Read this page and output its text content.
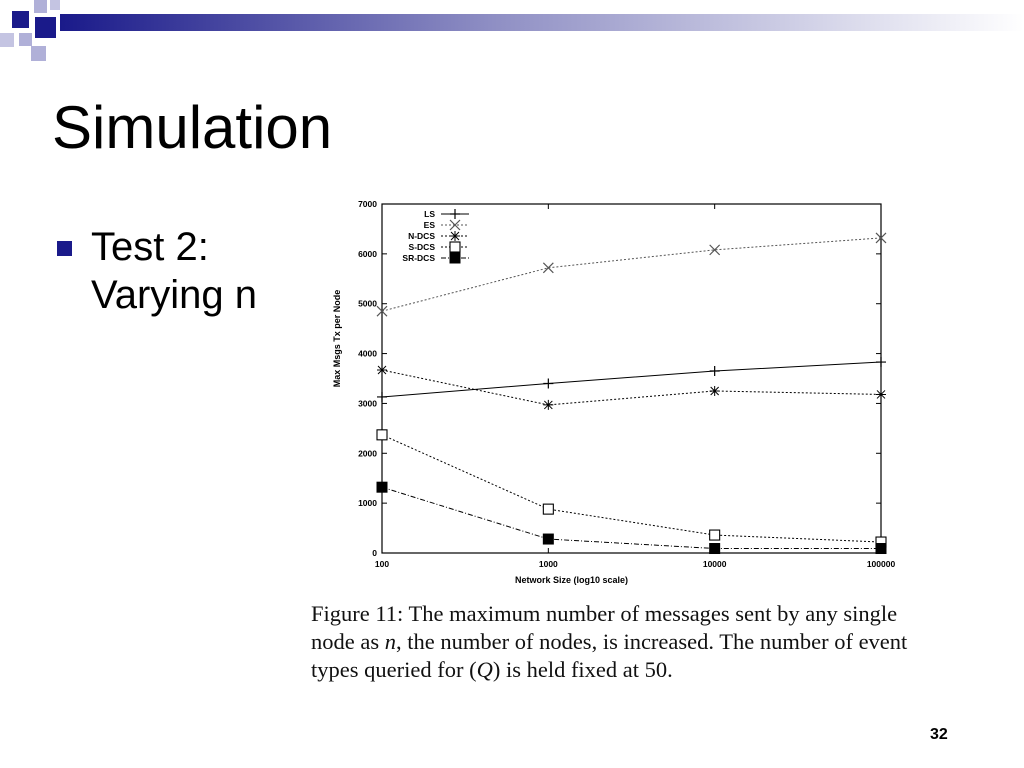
Simulation
Test 2:
Varying n
0
1000
2000
3000
4000
5000
6000
7000
100	1000	10000	100000
Network Size (log10 scale)
Max Msgs Tx per Node
LS
ES
N-DCS
S-DCS
SR-DCS
Figure 11: The maximum number of messages sent by any single node as n, the number of nodes, is increased. The number of event types queried for (Q) is held fixed at 50.
32
